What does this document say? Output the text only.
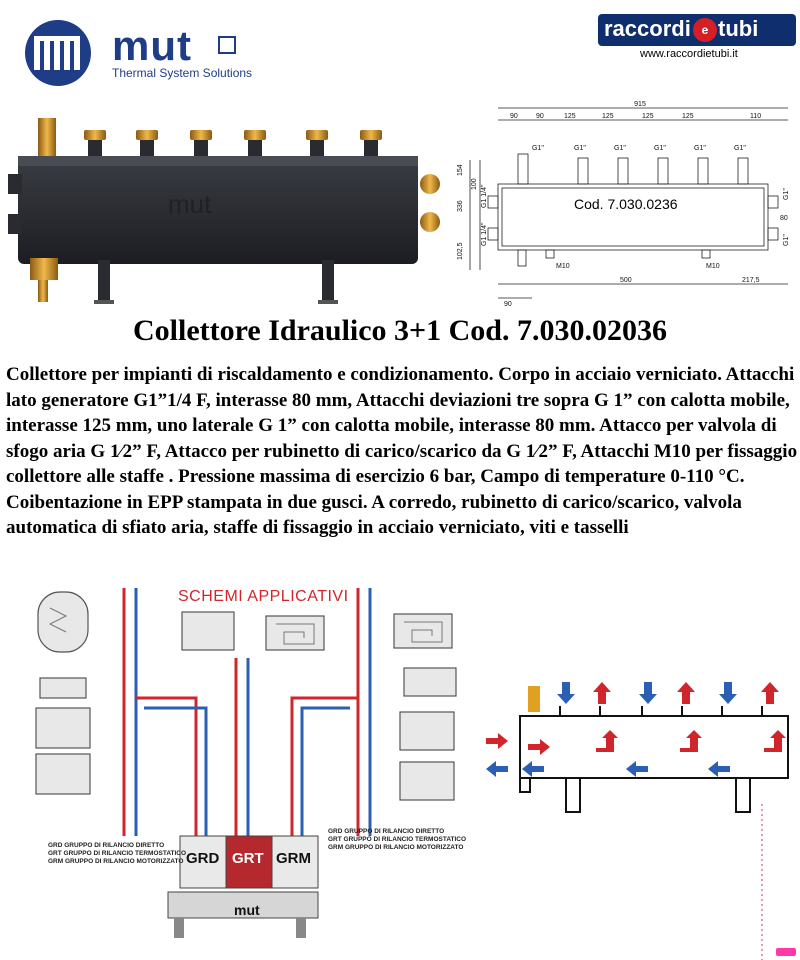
mut
Thermal System Solutions
raccordi e tubi
www.raccordietubi.it
mut
915
90	90	125	125	125	125	110
154
100
336
102,5
G1 1/4"
G1 1/4"
G1"	G1"	G1"	G1"	G1"	G1"
G1"
G1"
80
M10	M10
90
500	217,5
Cod. 7.030.0236
Collettore Idraulico 3+1 Cod. 7.030.02036
Collettore per impianti di riscaldamento e condizionamento. Corpo in acciaio verniciato. Attacchi lato generatore G1”1/4 F, interasse 80 mm, Attacchi deviazioni tre sopra G 1” con calotta mobile, interasse 125 mm, uno laterale G 1” con calotta mobile, interasse 80 mm. Attacco per valvola di sfogo aria G 1⁄2” F, Attacco per rubinetto di carico/scarico da G 1⁄2” F, Attacchi M10 per fissaggio collettore alle staffe . Pressione massima di esercizio 6 bar, Campo di temperature 0-110 °C. Coibentazione in EPP stampata in due gusci. A corredo, rubinetto di carico/scarico, valvola automatica di sfiato aria, staffe di fissaggio in acciaio verniciato, viti e tasselli
SCHEMI APPLICATIVI
GRD GRUPPO DI RILANCIO DIRETTO
GRT GRUPPO DI RILANCIO TERMOSTATICO
GRM GRUPPO DI RILANCIO MOTORIZZATO
GRD GRUPPO DI RILANCIO DIRETTO
GRT GRUPPO DI RILANCIO TERMOSTATICO
GRM GRUPPO DI RILANCIO MOTORIZZATO
GRD GRT GRM
mut
